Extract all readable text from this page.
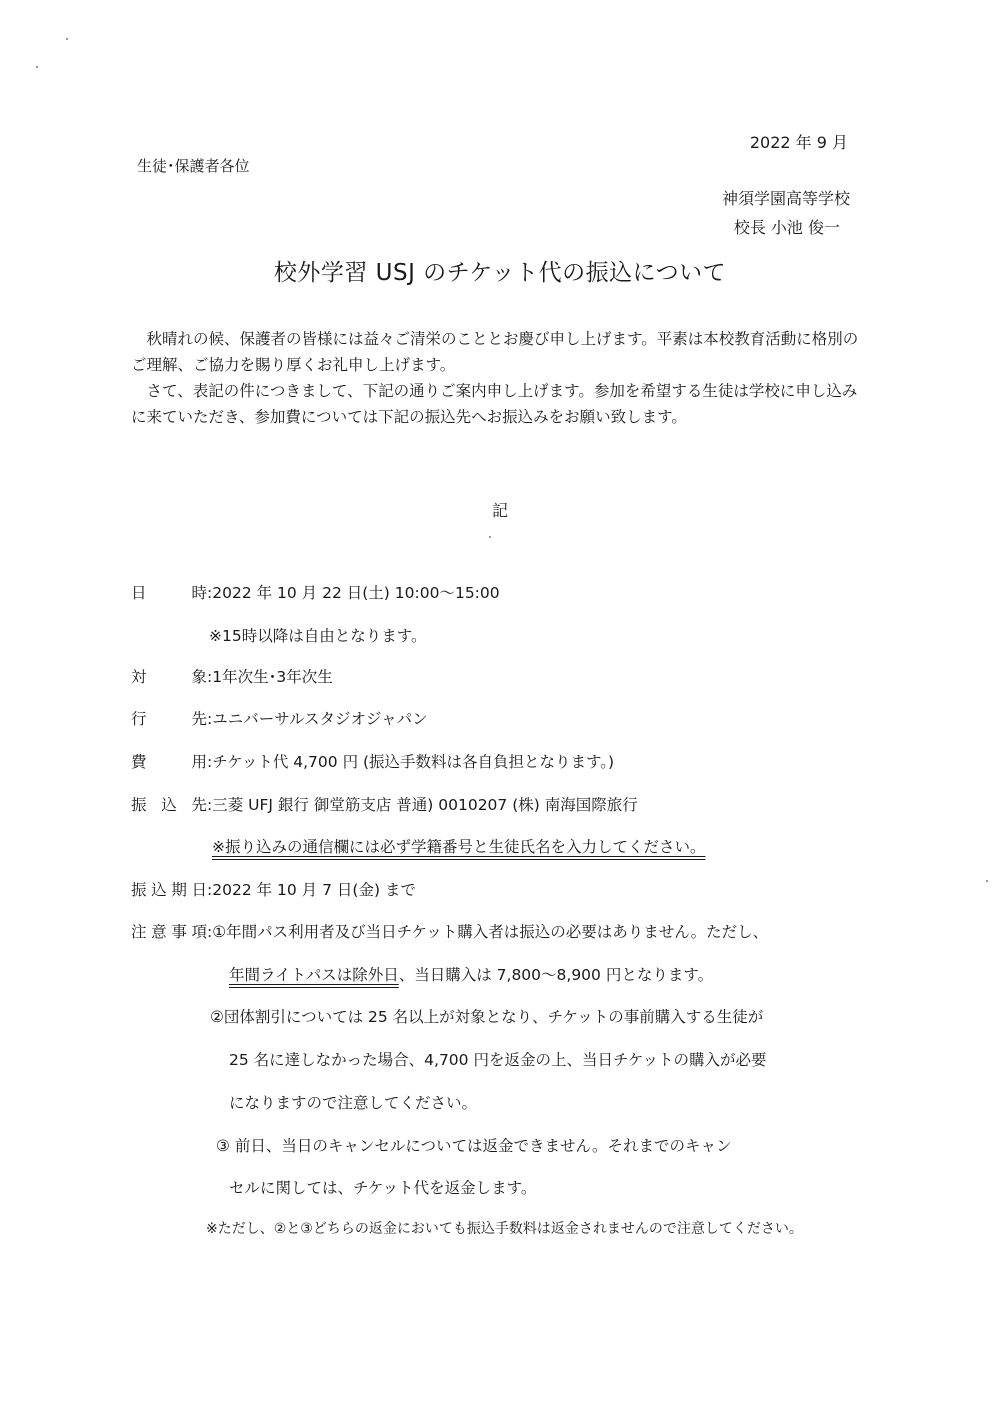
2022 年 9 月
生徒･保護者各位
神須学園高等学校
校長 小池 俊一
校外学習 USJ のチケット代の振込について

秋晴れの候、保護者の皆様には益々ご清栄のこととお慶び申し上げます。平素は本校教育活動に格別のご理解、ご協力を賜り厚くお礼申し上げます。

さて、表記の件につきまして、下記の通りご案内申し上げます。参加を希望する生徒は学校に申し込みに来ていただき、参加費については下記の振込先へお振込みをお願い致します。

記
日 時:2022 年 10 月 22 日(土) 10:00～15:00
※15時以降は自由となります。
対 象:1年次生･3年次生
行 先:ユニバーサルスタジオジャパン
費 用:チケット代 4,700 円 (振込手数料は各自負担となります。)
振 込 先:三菱 UFJ 銀行 御堂筋支店 普通) 0010207 (株) 南海国際旅行
※振り込みの通信欄には必ず学籍番号と生徒氏名を入力してください。
振込期日:2022 年 10 月 7 日(金) まで
注意事項:①年間パス利用者及び当日チケット購入者は振込の必要はありません。ただし、
年間ライトパスは除外日、当日購入は 7,800～8,900 円となります。
②団体割引については 25 名以上が対象となり、チケットの事前購入する生徒が
25 名に達しなかった場合、4,700 円を返金の上、当日チケットの購入が必要
になりますので注意してください。
③ 前日、当日のキャンセルについては返金できません。それまでのキャン
セルに関しては、チケット代を返金します。
※ただし、②と③どちらの返金においても振込手数料は返金されませんので注意してください。
